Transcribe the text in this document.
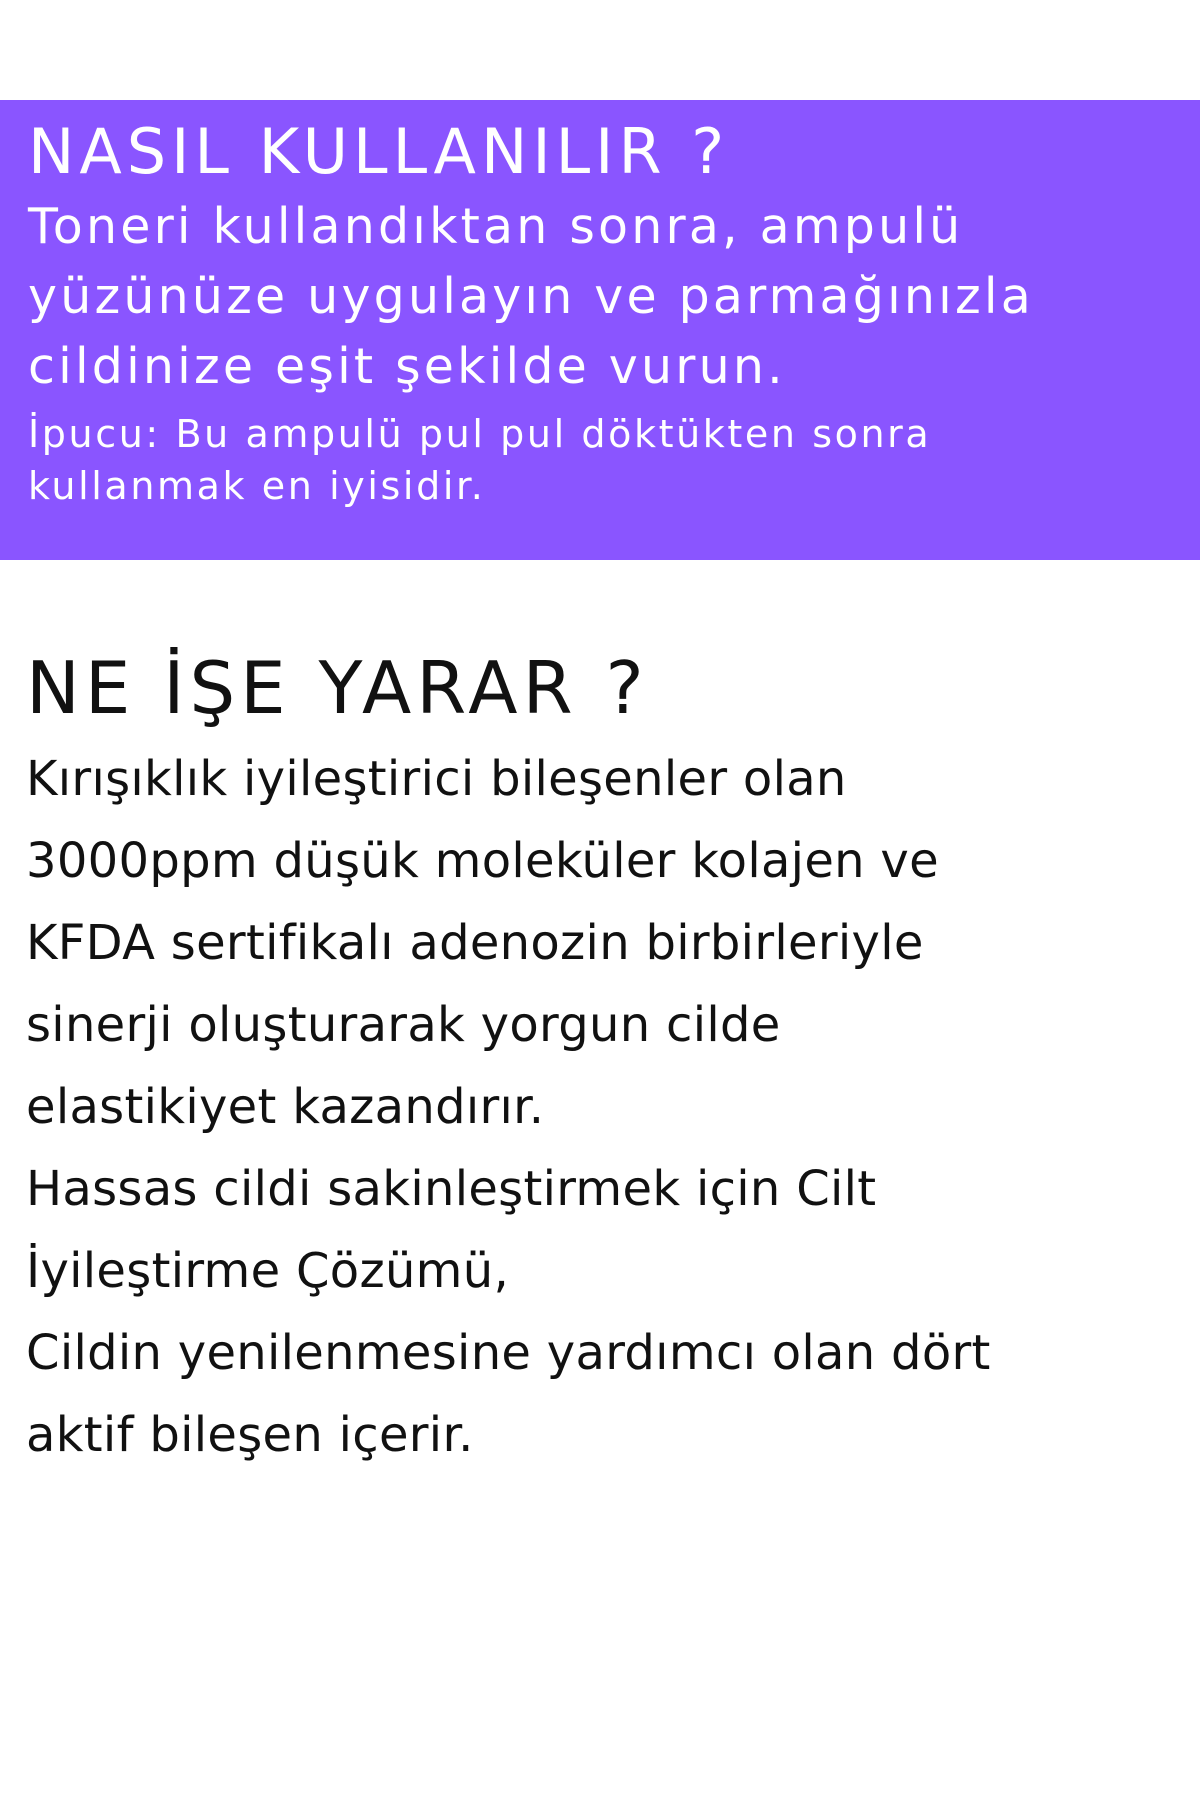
NASIL KULLANILIR ?

Toneri kullandıktan sonra, ampulü

yüzünüze uygulayın ve parmağınızla

cildinize eşit şekilde vurun.

İpucu: Bu ampulü pul pul döktükten sonra

kullanmak en iyisidir.

NE İŞE YARAR ?

Kırışıklık iyileştirici bileşenler olan
3000ppm düşük moleküler kolajen ve
KFDA sertifikalı adenozin birbirleriyle
sinerji oluşturarak yorgun cilde
elastikiyet kazandırır.
Hassas cildi sakinleştirmek için Cilt
İyileştirme Çözümü,
Cildin yenilenmesine yardımcı olan dört
aktif bileşen içerir.
